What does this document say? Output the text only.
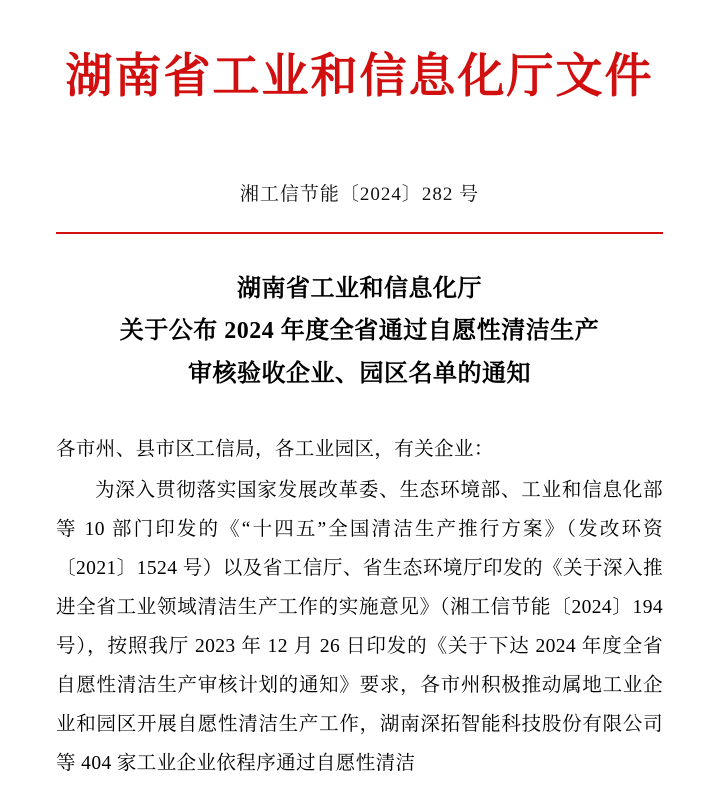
湖南省工业和信息化厅文件
湘工信节能〔2024〕282 号
湖南省工业和信息化厅
关于公布 2024 年度全省通过自愿性清洁生产
审核验收企业、园区名单的通知

各市州、县市区工信局，各工业园区，有关企业：

为深入贯彻落实国家发展改革委、生态环境部、工业和信息化部等 10 部门印发的《“十四五”全国清洁生产推行方案》（发改环资〔2021〕1524 号）以及省工信厅、省生态环境厅印发的《关于深入推进全省工业领域清洁生产工作的实施意见》（湘工信节能〔2024〕194 号），按照我厅 2023 年 12 月 26 日印发的《关于下达 2024 年度全省自愿性清洁生产审核计划的通知》要求，各市州积极推动属地工业企业和园区开展自愿性清洁生产工作，湖南深拓智能科技股份有限公司等 404 家工业企业依程序通过自愿性清洁
